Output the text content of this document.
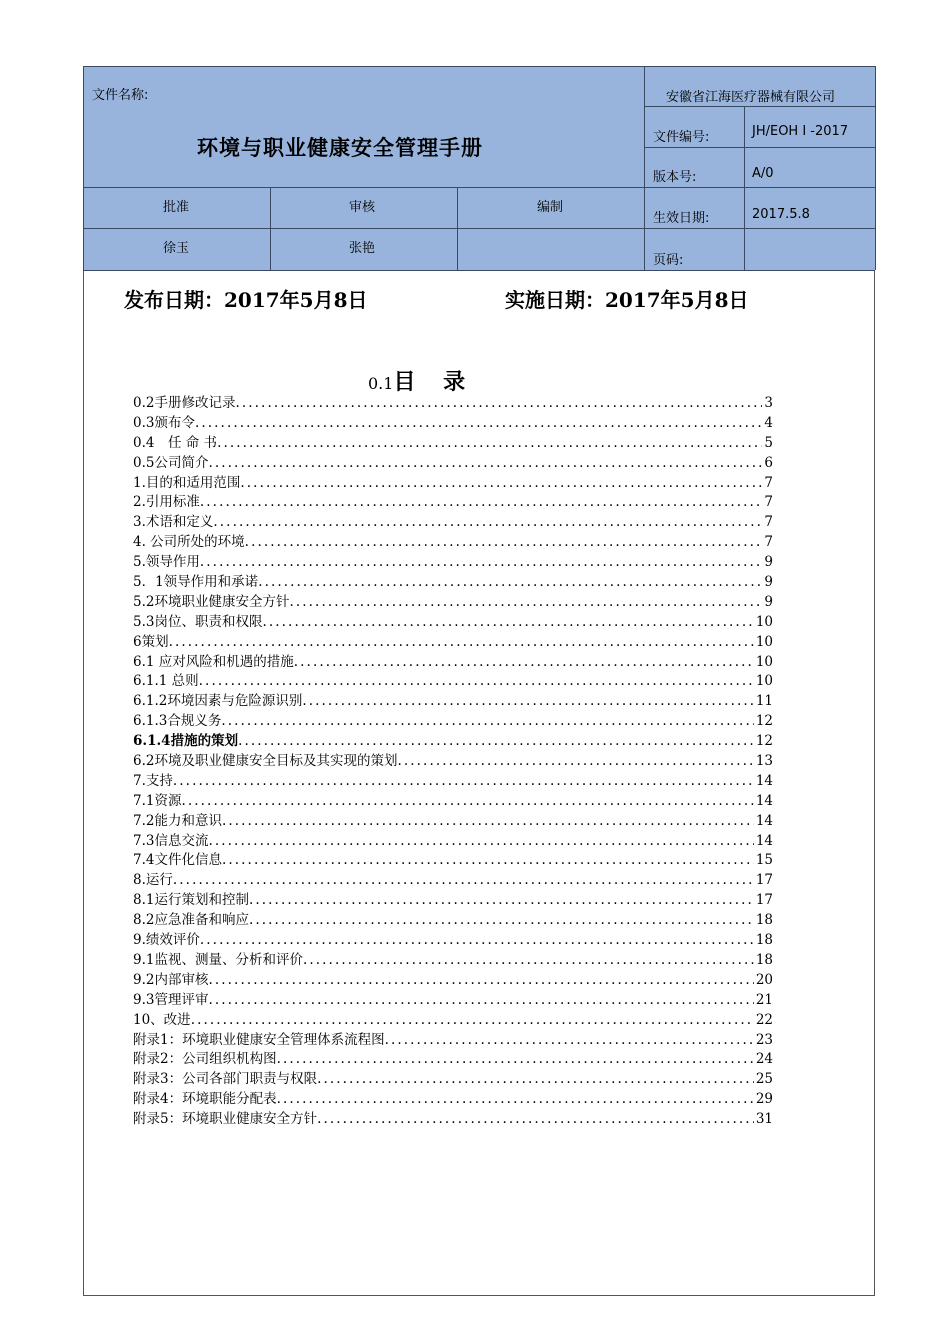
文件名称:
环境与职业健康安全管理手册
安徽省江海医疗器械有限公司
文件编号:	JH/EOH Ⅰ -2017
版本号:	A/0
生效日期:	2017.5.8
页码:
批准	审核	编制
徐玉	张艳
发布日期：2017年5月8日	实施日期：2017年5月8日
0.1目 录
0.2手册修改记录 .....	3
0.3颁布令 .....	4
0.4　任 命 书 .....	5
0.5公司简介 .....	6
1.目的和适用范围 .....	7
2.引用标准 .....	7
3.术语和定义 .....	7
4. 公司所处的环境 .....	7
5.领导作用 .....	9
5．1领导作用和承诺 .....	9
5.2环境职业健康安全方针 .....	9
5.3岗位、职责和权限 .....	10
6策划 .....	10
6.1 应对风险和机遇的措施 .....	10
6.1.1 总则 .....	10
6.1.2环境因素与危险源识别 .....	11
6.1.3合规义务 .....	12
6.1.4措施的策划 .....	12
6.2环境及职业健康安全目标及其实现的策划 .....	13
7.支持 .....	14
7.1资源 .....	14
7.2能力和意识 .....	14
7.3信息交流 .....	14
7.4文件化信息 .....	15
8.运行 .....	17
8.1运行策划和控制 .....	17
8.2应急准备和响应 .....	18
9.绩效评价 .....	18
9.1监视、测量、分析和评价 .....	18
9.2内部审核 .....	20
9.3管理评审 .....	21
10、改进 .....	22
附录1：环境职业健康安全管理体系流程图 .....	23
附录2：公司组织机构图 .....	24
附录3：公司各部门职责与权限 .....	25
附录4：环境职能分配表 .....	29
附录5：环境职业健康安全方针 .....	31
